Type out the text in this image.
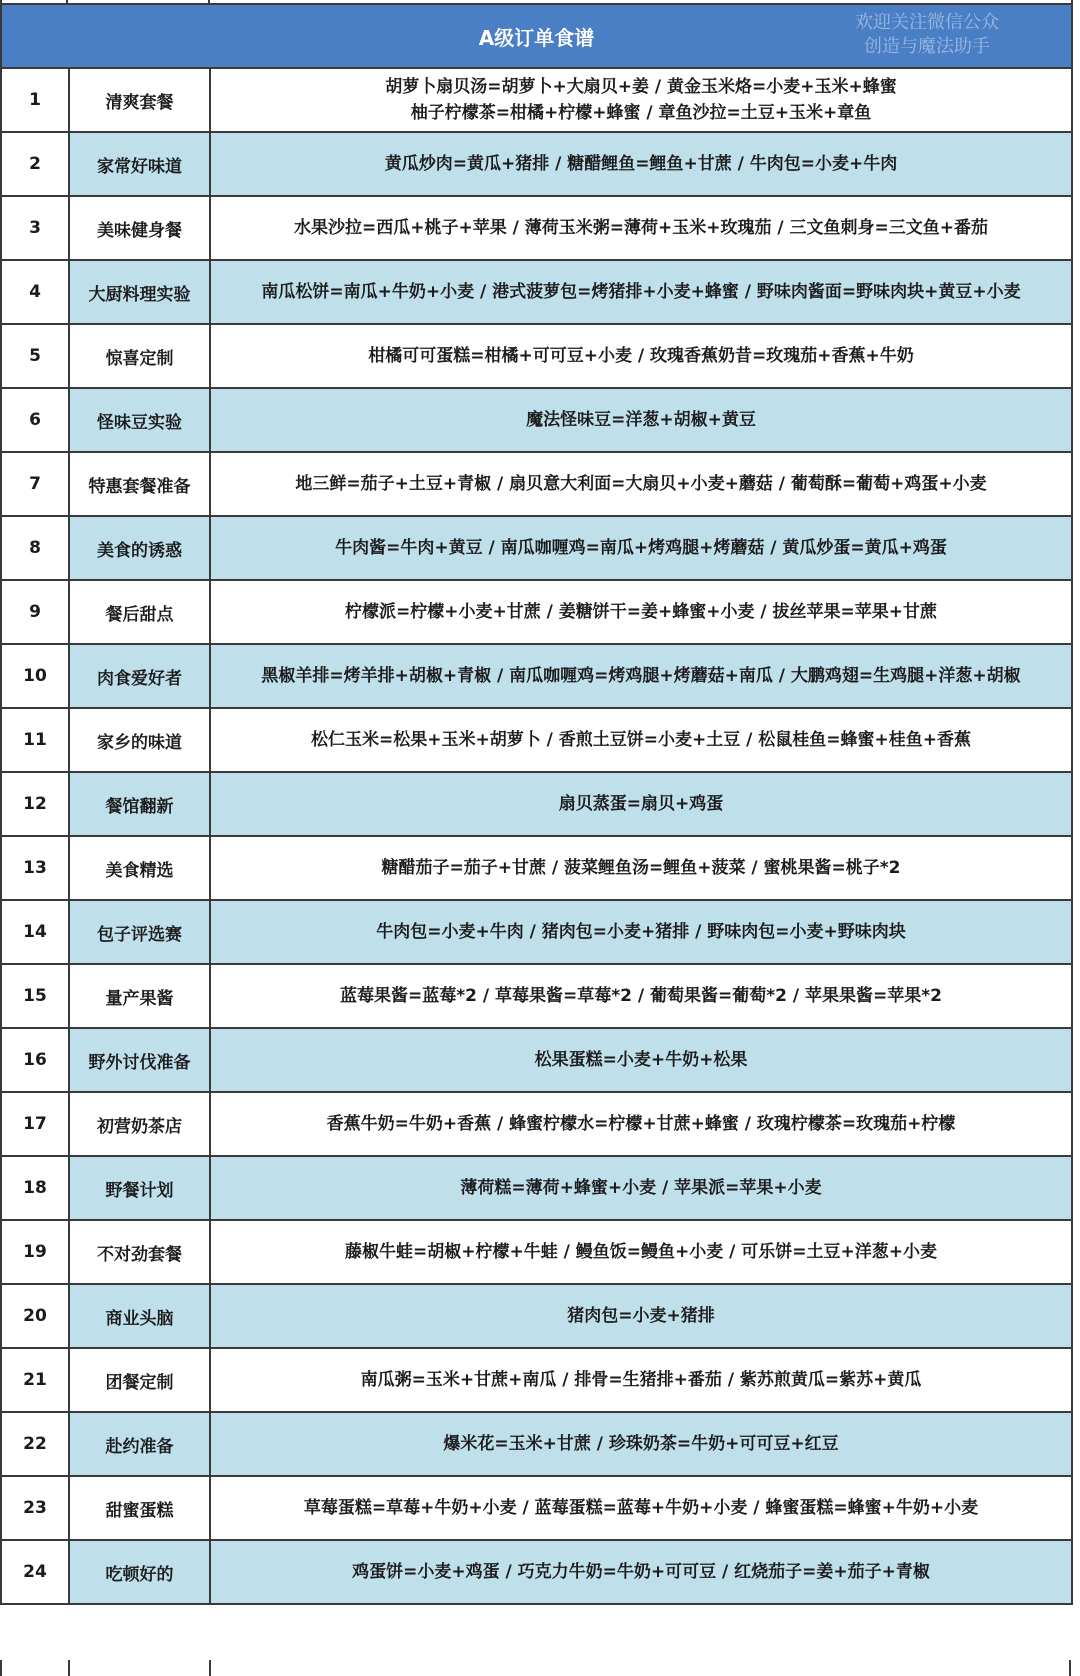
A级订单食谱
欢迎关注微信公众
创造与魔法助手		

1	清爽套餐	胡萝卜扇贝汤=胡萝卜+大扇贝+姜 / 黄金玉米烙=小麦+玉米+蜂蜜
柚子柠檬茶=柑橘+柠檬+蜂蜜 / 章鱼沙拉=土豆+玉米+章鱼

2	家常好味道	黄瓜炒肉=黄瓜+猪排 / 糖醋鲤鱼=鲤鱼+甘蔗 / 牛肉包=小麦+牛肉

3	美味健身餐	水果沙拉=西瓜+桃子+苹果 / 薄荷玉米粥=薄荷+玉米+玫瑰茄 / 三文鱼刺身=三文鱼+番茄

4	大厨料理实验	南瓜松饼=南瓜+牛奶+小麦 / 港式菠萝包=烤猪排+小麦+蜂蜜 / 野味肉酱面=野味肉块+黄豆+小麦

5	惊喜定制	柑橘可可蛋糕=柑橘+可可豆+小麦 / 玫瑰香蕉奶昔=玫瑰茄+香蕉+牛奶

6	怪味豆实验	魔法怪味豆=洋葱+胡椒+黄豆

7	特惠套餐准备	地三鲜=茄子+土豆+青椒 / 扇贝意大利面=大扇贝+小麦+蘑菇 / 葡萄酥=葡萄+鸡蛋+小麦

8	美食的诱惑	牛肉酱=牛肉+黄豆 / 南瓜咖喱鸡=南瓜+烤鸡腿+烤蘑菇 / 黄瓜炒蛋=黄瓜+鸡蛋

9	餐后甜点	柠檬派=柠檬+小麦+甘蔗 / 姜糖饼干=姜+蜂蜜+小麦 / 拔丝苹果=苹果+甘蔗

10	肉食爱好者	黑椒羊排=烤羊排+胡椒+青椒 / 南瓜咖喱鸡=烤鸡腿+烤蘑菇+南瓜 / 大鹏鸡翅=生鸡腿+洋葱+胡椒

11	家乡的味道	松仁玉米=松果+玉米+胡萝卜 / 香煎土豆饼=小麦+土豆 / 松鼠桂鱼=蜂蜜+桂鱼+香蕉

12	餐馆翻新	扇贝蒸蛋=扇贝+鸡蛋

13	美食精选	糖醋茄子=茄子+甘蔗 / 菠菜鲤鱼汤=鲤鱼+菠菜 / 蜜桃果酱=桃子*2

14	包子评选赛	牛肉包=小麦+牛肉 / 猪肉包=小麦+猪排 / 野味肉包=小麦+野味肉块

15	量产果酱	蓝莓果酱=蓝莓*2 / 草莓果酱=草莓*2 / 葡萄果酱=葡萄*2 / 苹果果酱=苹果*2

16	野外讨伐准备	松果蛋糕=小麦+牛奶+松果

17	初营奶茶店	香蕉牛奶=牛奶+香蕉 / 蜂蜜柠檬水=柠檬+甘蔗+蜂蜜 / 玫瑰柠檬茶=玫瑰茄+柠檬

18	野餐计划	薄荷糕=薄荷+蜂蜜+小麦 / 苹果派=苹果+小麦

19	不对劲套餐	藤椒牛蛙=胡椒+柠檬+牛蛙 / 鳗鱼饭=鳗鱼+小麦 / 可乐饼=土豆+洋葱+小麦

20	商业头脑	猪肉包=小麦+猪排

21	团餐定制	南瓜粥=玉米+甘蔗+南瓜 / 排骨=生猪排+番茄 / 紫苏煎黄瓜=紫苏+黄瓜

22	赴约准备	爆米花=玉米+甘蔗 / 珍珠奶茶=牛奶+可可豆+红豆

23	甜蜜蛋糕	草莓蛋糕=草莓+牛奶+小麦 / 蓝莓蛋糕=蓝莓+牛奶+小麦 / 蜂蜜蛋糕=蜂蜜+牛奶+小麦

24	吃顿好的	鸡蛋饼=小麦+鸡蛋 / 巧克力牛奶=牛奶+可可豆 / 红烧茄子=姜+茄子+青椒
